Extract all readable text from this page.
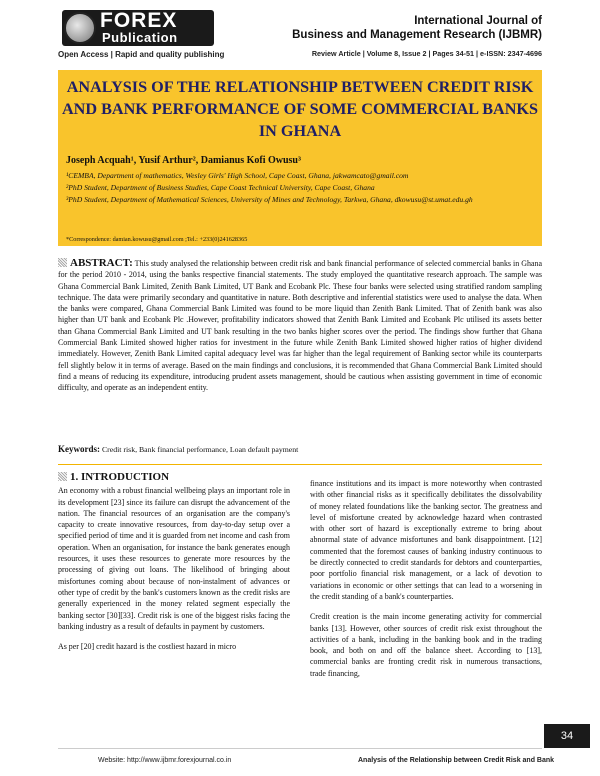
FOREX
Publication
Open Access | Rapid and quality publishing
International Journal of
Business and Management Research (IJBMR)
Review Article | Volume 8, Issue 2 | Pages 34-51 | e-ISSN: 2347-4696
ANALYSIS OF THE RELATIONSHIP BETWEEN CREDIT RISK AND BANK PERFORMANCE OF SOME COMMERCIAL BANKS IN GHANA
Joseph Acquah¹, Yusif Arthur², Damianus Kofi Owusu³
¹CEMBA, Department of mathematics, Wesley Girls' High School, Cape Coast, Ghana, jakwamcato@gmail.com
²PhD Student, Department of Business Studies, Cape Coast Technical University, Cape Coast, Ghana
³PhD Student, Department of Mathematical Sciences, University of Mines and Technology, Tarkwa, Ghana, dkowusu@st.umat.edu.gh
*Correspondence: damian.kowusu@gmail.com ;Tel.: +233(0)241628365
ABSTRACT: This study analysed the relationship between credit risk and bank financial performance of selected commercial banks in Ghana for the period 2010 - 2014, using the banks respective financial statements. The study employed the quantitative research approach. The sample was Ghana Commercial Bank Limited, Zenith Bank Limited, UT Bank and Ecobank Plc. These four banks were selected using stratified random sampling technique. The data were primarily secondary and quantitative in nature. Both descriptive and inferential statistics were used to analyse the data. When the banks were compared, Ghana Commercial Bank Limited was found to be more liquid than Zenith Bank Limited. That of Zenith bank was also higher than UT bank and Ecobank Plc .However, profitability indicators showed that Zenith Bank Limited and Ecobank Plc utilised its assets better than Ghana Commercial Bank Limited and UT bank resulting in the two banks higher scores over the period. The findings show further that Ghana Commercial Bank Limited showed higher ratios for investment in the future while Zenith Bank Limited showed higher ratios of higher dividend immediately. However, Zenith Bank Limited capital adequacy level was far higher than the legal requirement of Banking sector while its counterparts fell slightly below it in terms of average. Based on the main findings and conclusions, it is recommended that Ghana Commercial Bank Limited should find a means of reducing its expenditure, introducing prudent assets management, should be cautious when assisting government in time of economic difficulty, and operate as an independent entity.
Keywords: Credit risk, Bank financial performance, Loan default payment
1. INTRODUCTION

An economy with a robust financial wellbeing plays an important role in its development [23] since its failure can disrupt the advancement of the nation. The financial resources of an organisation are the company's capacity to create innovative resources, from day-to-day setup over a specified period of time and it is guarded from net income and cash from operation. When an organisation, for instance the bank generates enough resources, it uses these resources to generate more resources by the processing of giving out loans. The likelihood of bringing about misfortunes coming about because of non-instalment of advances or other type of credit by the bank's customers known as the credit risks are generally experienced in the money related segment especially the banking sector [30][33]. Credit risk is one of the biggest risks facing the banking industry as a result of defaults in payment by customers.

As per [20] credit hazard is the costliest hazard in micro

finance institutions and its impact is more noteworthy when contrasted with other financial risks as it specifically debilitates the dissolvability of money related foundations like the banking sector. The greatness and level of misfortune created by acknowledge hazard when contrasted with other sort of hazard is exceptionally extreme to bring about abnormal state of advance misfortunes and bank disappointment. [12] commented that the foremost causes of banking industry continuous to be directly connected to credit standards for debtors and counterparties, poor portfolio financial risk management, or a lack of devotion to variations in economic or other settings that can lead to a worsening in the credit standing of a bank's counterparties.

Credit creation is the main income generating activity for commercial banks [13]. However, other sources of credit risk exist throughout the activities of a bank, including in the banking book and in the trading book, and both on and off the balance sheet. According to [13], commercial banks are fronting credit risk in numerous transactions, trade financing,

Website: http://www.ijbmr.forexjournal.co.in	Analysis of the Relationship between Credit Risk and Bank
34
